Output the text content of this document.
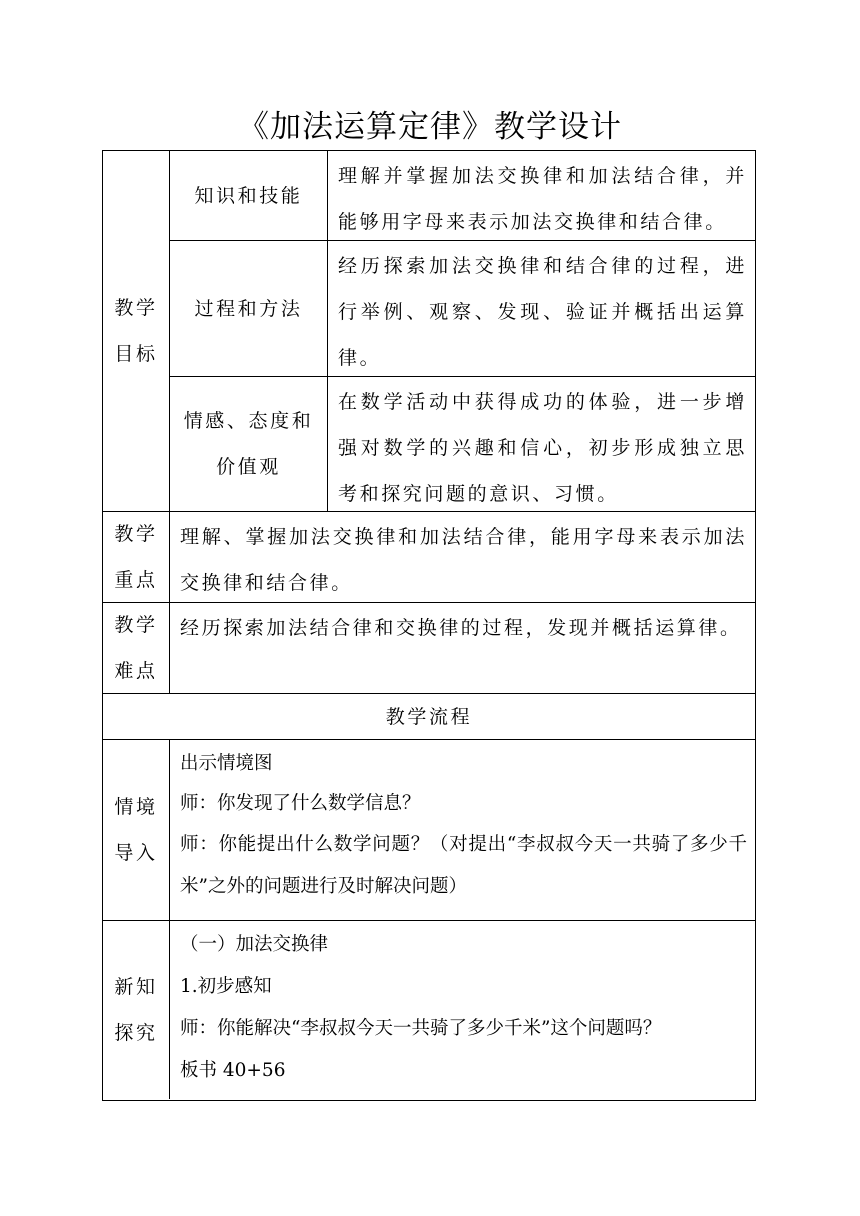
《加法运算定律》教学设计

教学

目标

知识和技能

理解并掌握加法交换律和加法结合律，并能够用字母来表示加法交换律和结合律。

过程和方法

经历探索加法交换律和结合律的过程，进行举例、观察、发现、验证并概括出运算律。

情感、态度和

价值观

在数学活动中获得成功的体验，进一步增强对数学的兴趣和信心，初步形成独立思考和探究问题的意识、习惯。

教学

重点

理解、掌握加法交换律和加法结合律，能用字母来表示加法交换律和结合律。

教学

难点

经历探索加法结合律和交换律的过程，发现并概括运算律。

教学流程

情境

导入

出示情境图

师：你发现了什么数学信息？

师：你能提出什么数学问题？（对提出“李叔叔今天一共骑了多少千米”之外的问题进行及时解决问题）

新知

探究

（一）加法交换律

1.初步感知

师：你能解决“李叔叔今天一共骑了多少千米”这个问题吗？

板书 40+56
